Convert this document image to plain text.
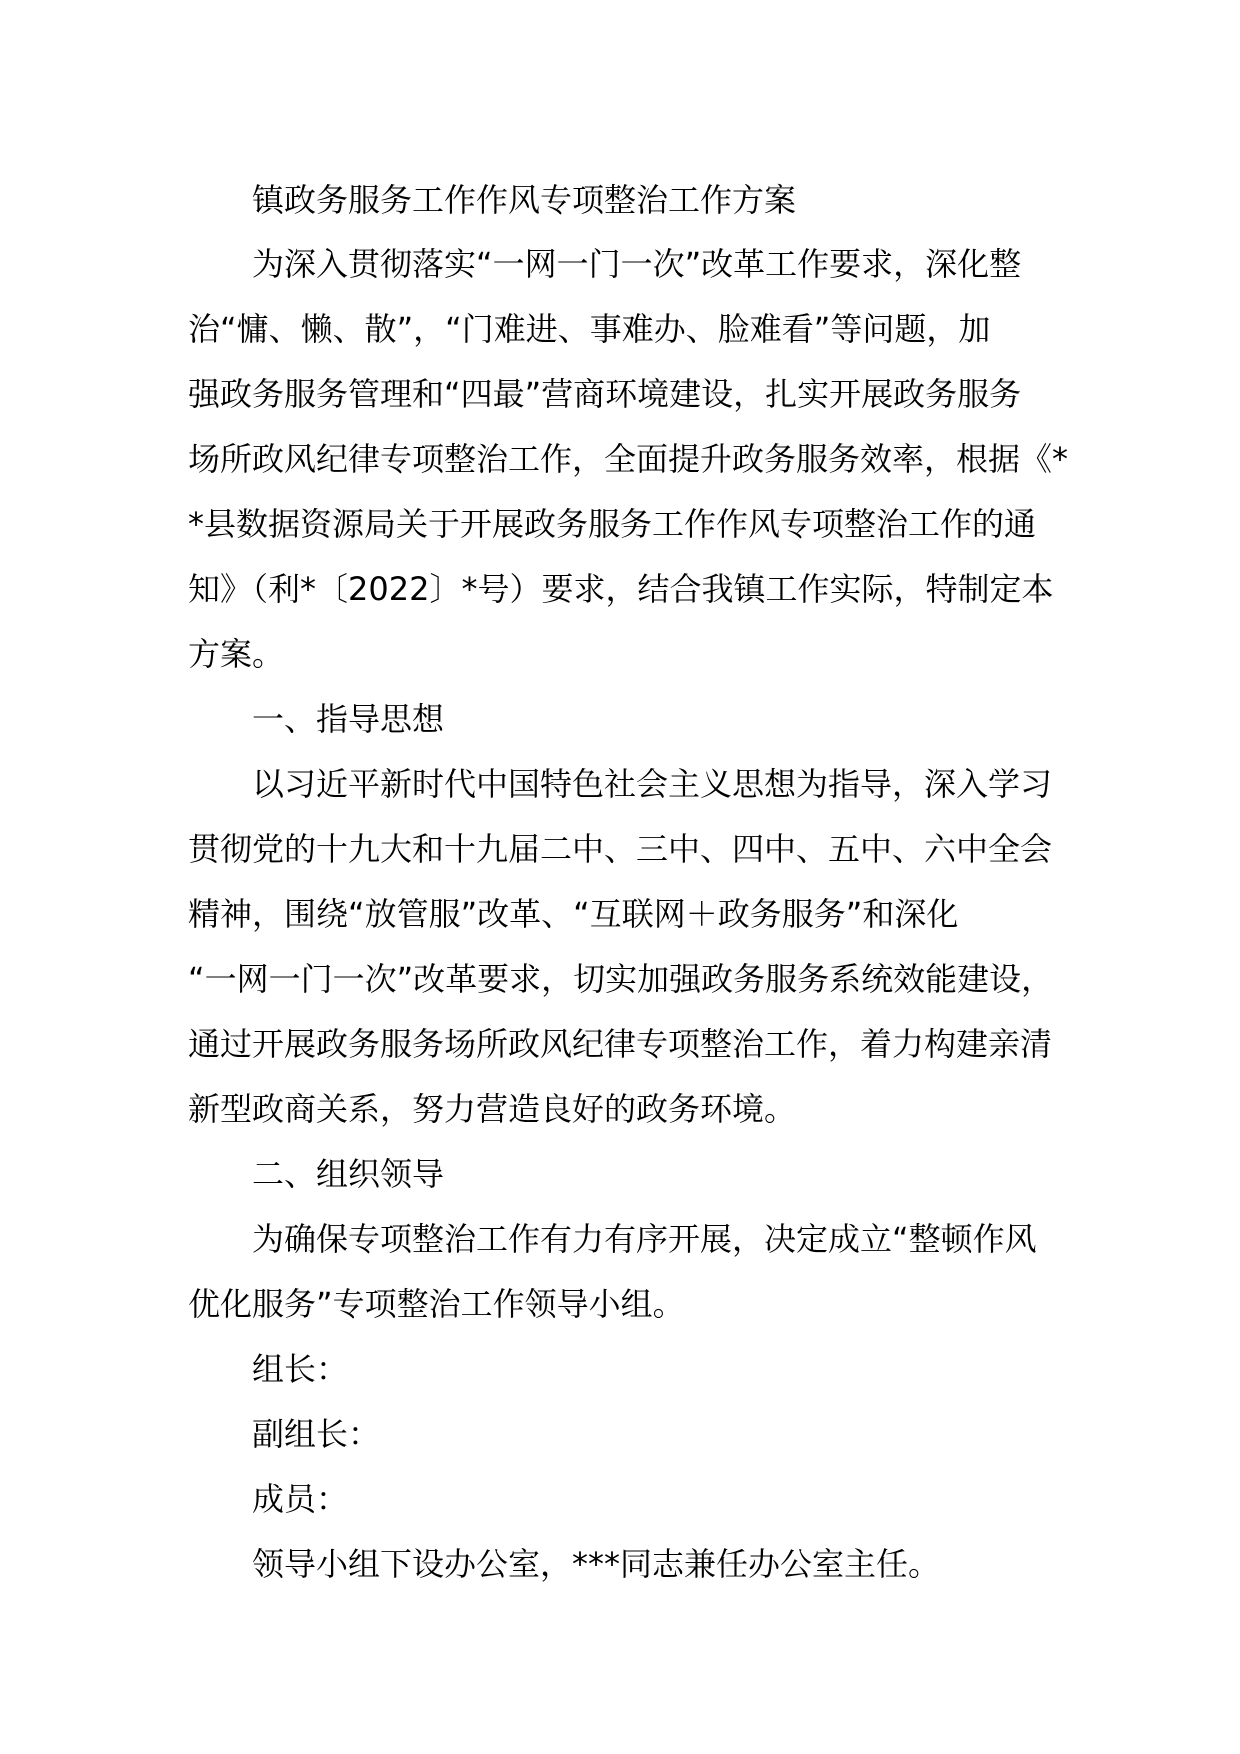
镇政务服务工作作风专项整治工作方案
为深入贯彻落实“一网一门一次”改革工作要求，深化整
治“慵、懒、散”，“门难进、事难办、脸难看”等问题，加
强政务服务管理和“四最”营商环境建设，扎实开展政务服务
场所政风纪律专项整治工作，全面提升政务服务效率，根据《*
*县数据资源局关于开展政务服务工作作风专项整治工作的通
知》（利*〔2022〕*号）要求，结合我镇工作实际，特制定本
方案。
一、指导思想
以习近平新时代中国特色社会主义思想为指导，深入学习
贯彻党的十九大和十九届二中、三中、四中、五中、六中全会
精神，围绕“放管服”改革、“互联网＋政务服务”和深化
“一网一门一次”改革要求，切实加强政务服务系统效能建设，
通过开展政务服务场所政风纪律专项整治工作，着力构建亲清
新型政商关系，努力营造良好的政务环境。
二、组织领导
为确保专项整治工作有力有序开展，决定成立“整顿作风
优化服务”专项整治工作领导小组。
组长：
副组长：
成员：
领导小组下设办公室，***同志兼任办公室主任。
